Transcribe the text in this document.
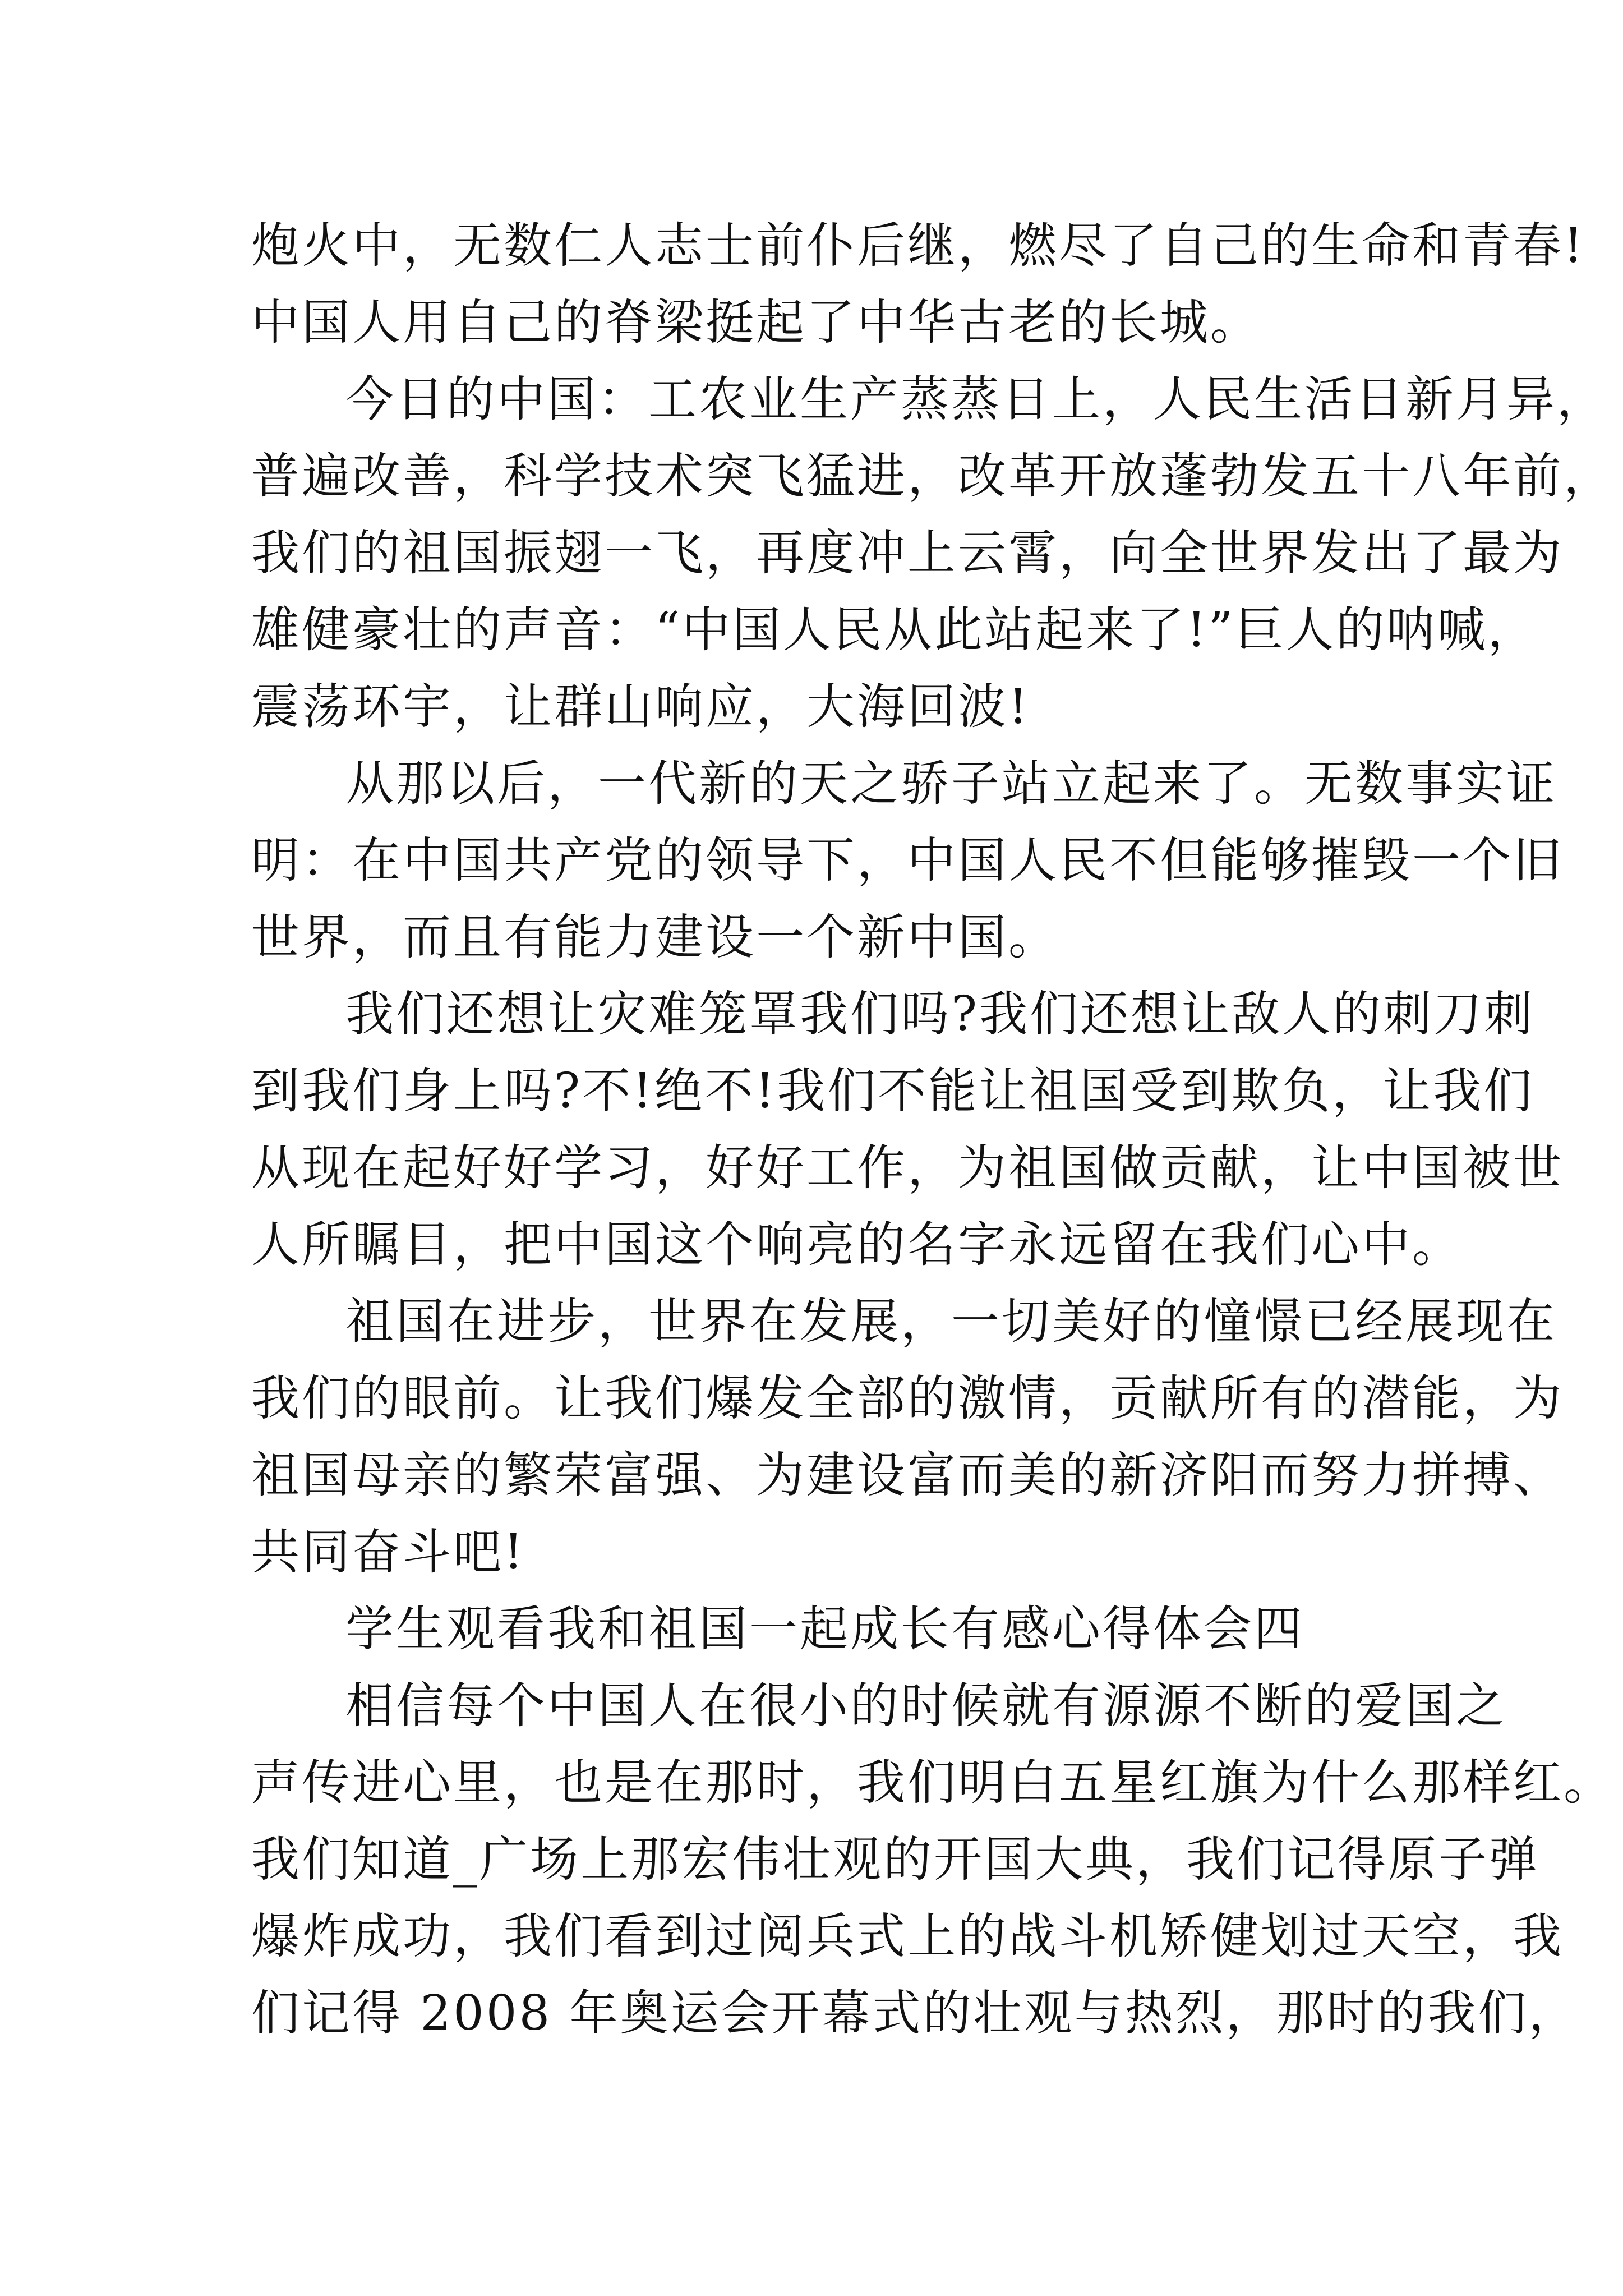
炮火中，无数仁人志士前仆后继，燃尽了自己的生命和青春!
中国人用自己的脊梁挺起了中华古老的长城。
今日的中国：工农业生产蒸蒸日上，人民生活日新月异，
普遍改善，科学技术突飞猛进，改革开放蓬勃发五十八年前，
我们的祖国振翅一飞，再度冲上云霄，向全世界发出了最为
雄健豪壮的声音：“中国人民从此站起来了!”巨人的呐喊，
震荡环宇，让群山响应，大海回波!
从那以后，一代新的天之骄子站立起来了。无数事实证
明：在中国共产党的领导下，中国人民不但能够摧毁一个旧
世界，而且有能力建设一个新中国。
我们还想让灾难笼罩我们吗?我们还想让敌人的刺刀刺
到我们身上吗?不!绝不!我们不能让祖国受到欺负，让我们
从现在起好好学习，好好工作，为祖国做贡献，让中国被世
人所瞩目，把中国这个响亮的名字永远留在我们心中。
祖国在进步，世界在发展，一切美好的憧憬已经展现在
我们的眼前。让我们爆发全部的激情，贡献所有的潜能，为
祖国母亲的繁荣富强、为建设富而美的新济阳而努力拼搏、
共同奋斗吧!
学生观看我和祖国一起成长有感心得体会四
相信每个中国人在很小的时候就有源源不断的爱国之
声传进心里，也是在那时，我们明白五星红旗为什么那样红。
我们知道_广场上那宏伟壮观的开国大典，我们记得原子弹
爆炸成功，我们看到过阅兵式上的战斗机矫健划过天空，我
们记得 2008 年奥运会开幕式的壮观与热烈，那时的我们，
